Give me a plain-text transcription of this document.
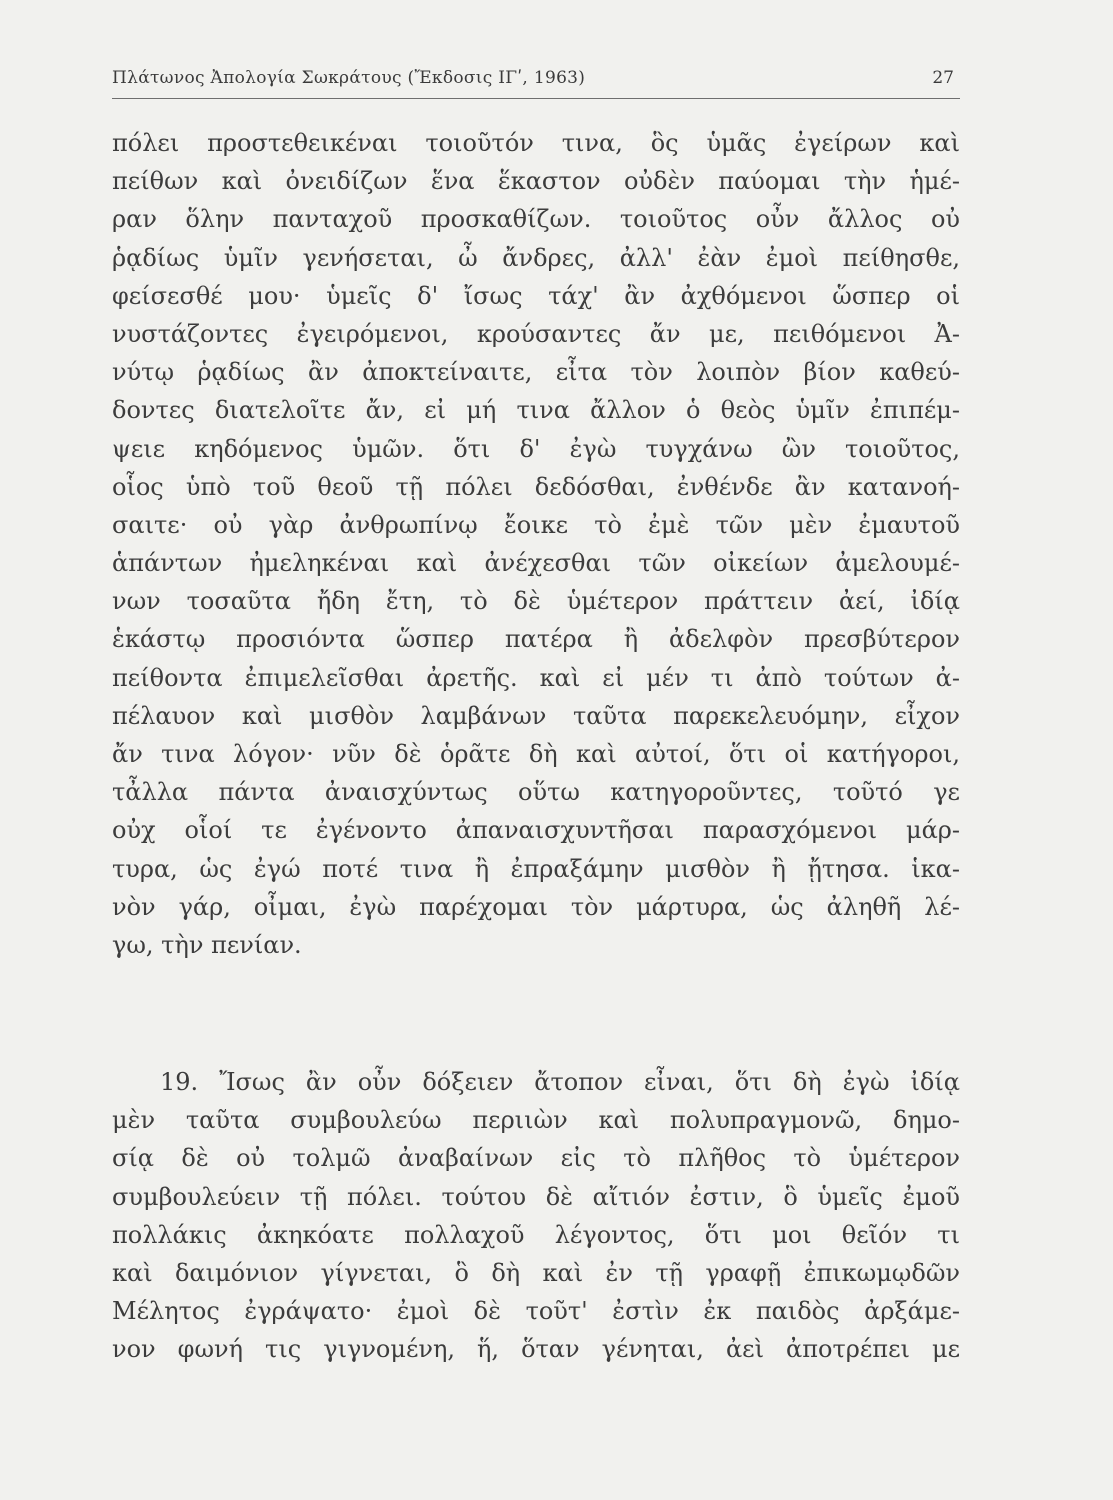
Πλάτωνος Ἀπολογία Σωκράτους (Ἔκδοσις ΙΓʹ, 1963)	27
πόλει προστεθεικέναι τοιοῦτόν τινα, ὃς ὑμᾶς ἐγείρων καὶ
πείθων καὶ ὀνειδίζων ἕνα ἕκαστον οὐδὲν παύομαι τὴν ἡμέ-
ραν ὅλην πανταχοῦ προσκαθίζων. τοιοῦτος οὖν ἄλλος οὐ
ῥᾳδίως ὑμῖν γενήσεται, ὦ ἄνδρες, ἀλλ' ἐὰν ἐμοὶ πείθησθε,
φείσεσθέ μου· ὑμεῖς δ' ἴσως τάχ' ἂν ἀχθόμενοι ὥσπερ οἱ
νυστάζοντες ἐγειρόμενοι, κρούσαντες ἄν με, πειθόμενοι Ἀ-
νύτῳ ῥᾳδίως ἂν ἀποκτείναιτε, εἶτα τὸν λοιπὸν βίον καθεύ-
δοντες διατελοῖτε ἄν, εἰ μή τινα ἄλλον ὁ θεὸς ὑμῖν ἐπιπέμ-
ψειε κηδόμενος ὑμῶν. ὅτι δ' ἐγὼ τυγχάνω ὢν τοιοῦτος,
οἷος ὑπὸ τοῦ θεοῦ τῇ πόλει δεδόσθαι, ἐνθένδε ἂν κατανοή-
σαιτε· οὐ γὰρ ἀνθρωπίνῳ ἔοικε τὸ ἐμὲ τῶν μὲν ἐμαυτοῦ
ἁπάντων ἠμεληκέναι καὶ ἀνέχεσθαι τῶν οἰκείων ἀμελουμέ-
νων τοσαῦτα ἤδη ἔτη, τὸ δὲ ὑμέτερον πράττειν ἀεί, ἰδίᾳ
ἑκάστῳ προσιόντα ὥσπερ πατέρα ἢ ἀδελφὸν πρεσβύτερον
πείθοντα ἐπιμελεῖσθαι ἀρετῆς. καὶ εἰ μέν τι ἀπὸ τούτων ἀ-
πέλαυον καὶ μισθὸν λαμβάνων ταῦτα παρεκελευόμην, εἶχον
ἄν τινα λόγον· νῦν δὲ ὁρᾶτε δὴ καὶ αὐτοί, ὅτι οἱ κατήγοροι,
τἆλλα πάντα ἀναισχύντως οὕτω κατηγοροῦντες, τοῦτό γε
οὐχ οἷοί τε ἐγένοντο ἀπαναισχυντῆσαι παρασχόμενοι μάρ-
τυρα, ὡς ἐγώ ποτέ τινα ἢ ἐπραξάμην μισθὸν ἢ ᾔτησα. ἱκα-
νὸν γάρ, οἶμαι, ἐγὼ παρέχομαι τὸν μάρτυρα, ὡς ἀληθῆ λέ-
γω, τὴν πενίαν.
19. Ἴσως ἂν οὖν δόξειεν ἄτοπον εἶναι, ὅτι δὴ ἐγὼ ἰδίᾳ
μὲν ταῦτα συμβουλεύω περιιὼν καὶ πολυπραγμονῶ, δημο-
σίᾳ δὲ οὐ τολμῶ ἀναβαίνων εἰς τὸ πλῆθος τὸ ὑμέτερον
συμβουλεύειν τῇ πόλει. τούτου δὲ αἴτιόν ἐστιν, ὃ ὑμεῖς ἐμοῦ
πολλάκις ἀκηκόατε πολλαχοῦ λέγοντος, ὅτι μοι θεῖόν τι
καὶ δαιμόνιον γίγνεται, ὃ δὴ καὶ ἐν τῇ γραφῇ ἐπικωμῳδῶν
Μέλητος ἐγράψατο· ἐμοὶ δὲ τοῦτ' ἐστὶν ἐκ παιδὸς ἀρξάμε-
νον φωνή τις γιγνομένη, ἥ, ὅταν γένηται, ἀεὶ ἀποτρέπει με
